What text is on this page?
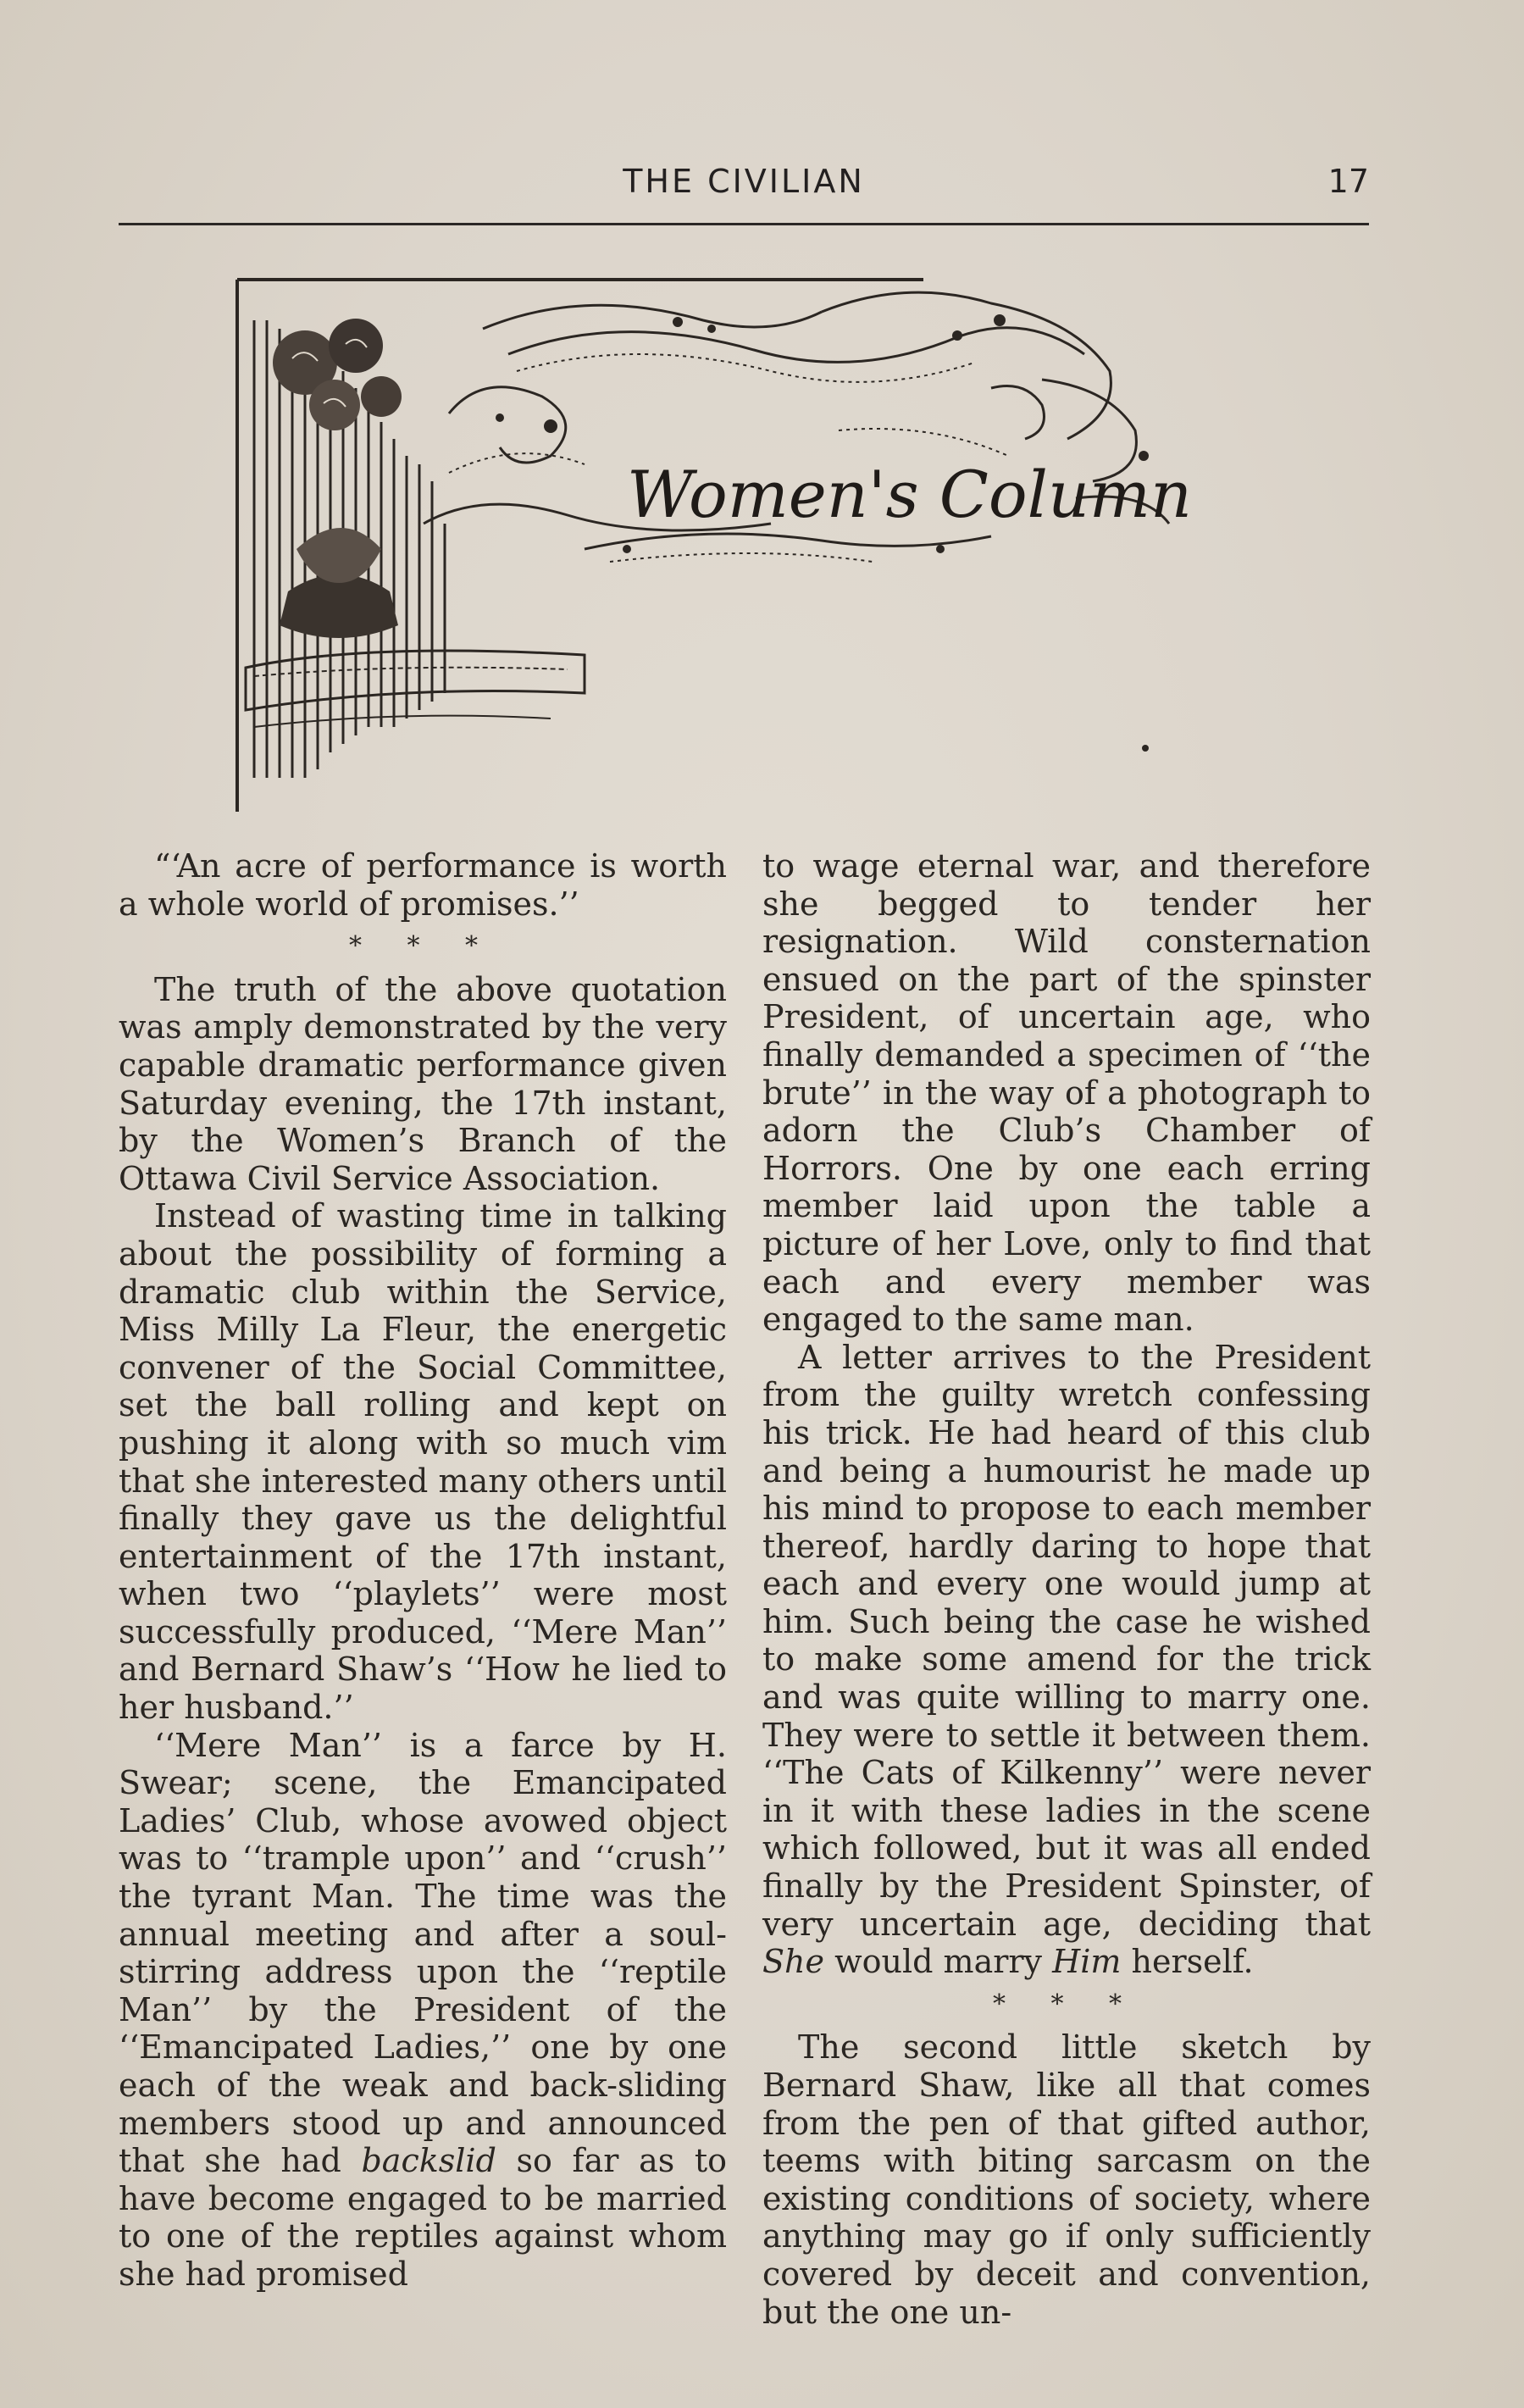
THE CIVILIAN	17
Women's Column

“‘An acre of performance is worth a whole world of promises.’’

* * *

The truth of the above quotation was amply demonstrated by the very capable dramatic performance given Saturday evening, the 17th instant, by the Women’s Branch of the Ottawa Civil Service Association.

Instead of wasting time in talking about the possibility of forming a dramatic club within the Service, Miss Milly La Fleur, the energetic convener of the Social Committee, set the ball rolling and kept on pushing it along with so much vim that she interested many others until finally they gave us the delightful entertainment of the 17th instant, when two ‘‘playlets’’ were most successfully produced, ‘‘Mere Man’’ and Bernard Shaw’s ‘‘How he lied to her husband.’’

‘‘Mere Man’’ is a farce by H. Swear; scene, the Emancipated Ladies’ Club, whose avowed object was to ‘‘trample upon’’ and ‘‘crush’’ the tyrant Man. The time was the annual meeting and after a soul-stirring address upon the ‘‘reptile Man’’ by the President of the ‘‘Emancipated Ladies,’’ one by one each of the weak and back-sliding members stood up and announced that she had backslid so far as to have become engaged to be married to one of the reptiles against whom she had promised

to wage eternal war, and therefore she begged to tender her resignation. Wild consternation ensued on the part of the spinster President, of uncertain age, who finally demanded a specimen of ‘‘the brute’’ in the way of a photograph to adorn the Club’s Chamber of Horrors. One by one each erring member laid upon the table a picture of her Love, only to find that each and every member was engaged to the same man.

A letter arrives to the President from the guilty wretch confessing his trick. He had heard of this club and being a humourist he made up his mind to propose to each member thereof, hardly daring to hope that each and every one would jump at him. Such being the case he wished to make some amend for the trick and was quite willing to marry one. They were to settle it between them. ‘‘The Cats of Kilkenny’’ were never in it with these ladies in the scene which followed, but it was all ended finally by the President Spinster, of very uncertain age, deciding that She would marry Him herself.

* * *

The second little sketch by Bernard Shaw, like all that comes from the pen of that gifted author, teems with biting sarcasm on the existing conditions of society, where anything may go if only sufficiently covered by deceit and convention, but the one un-
